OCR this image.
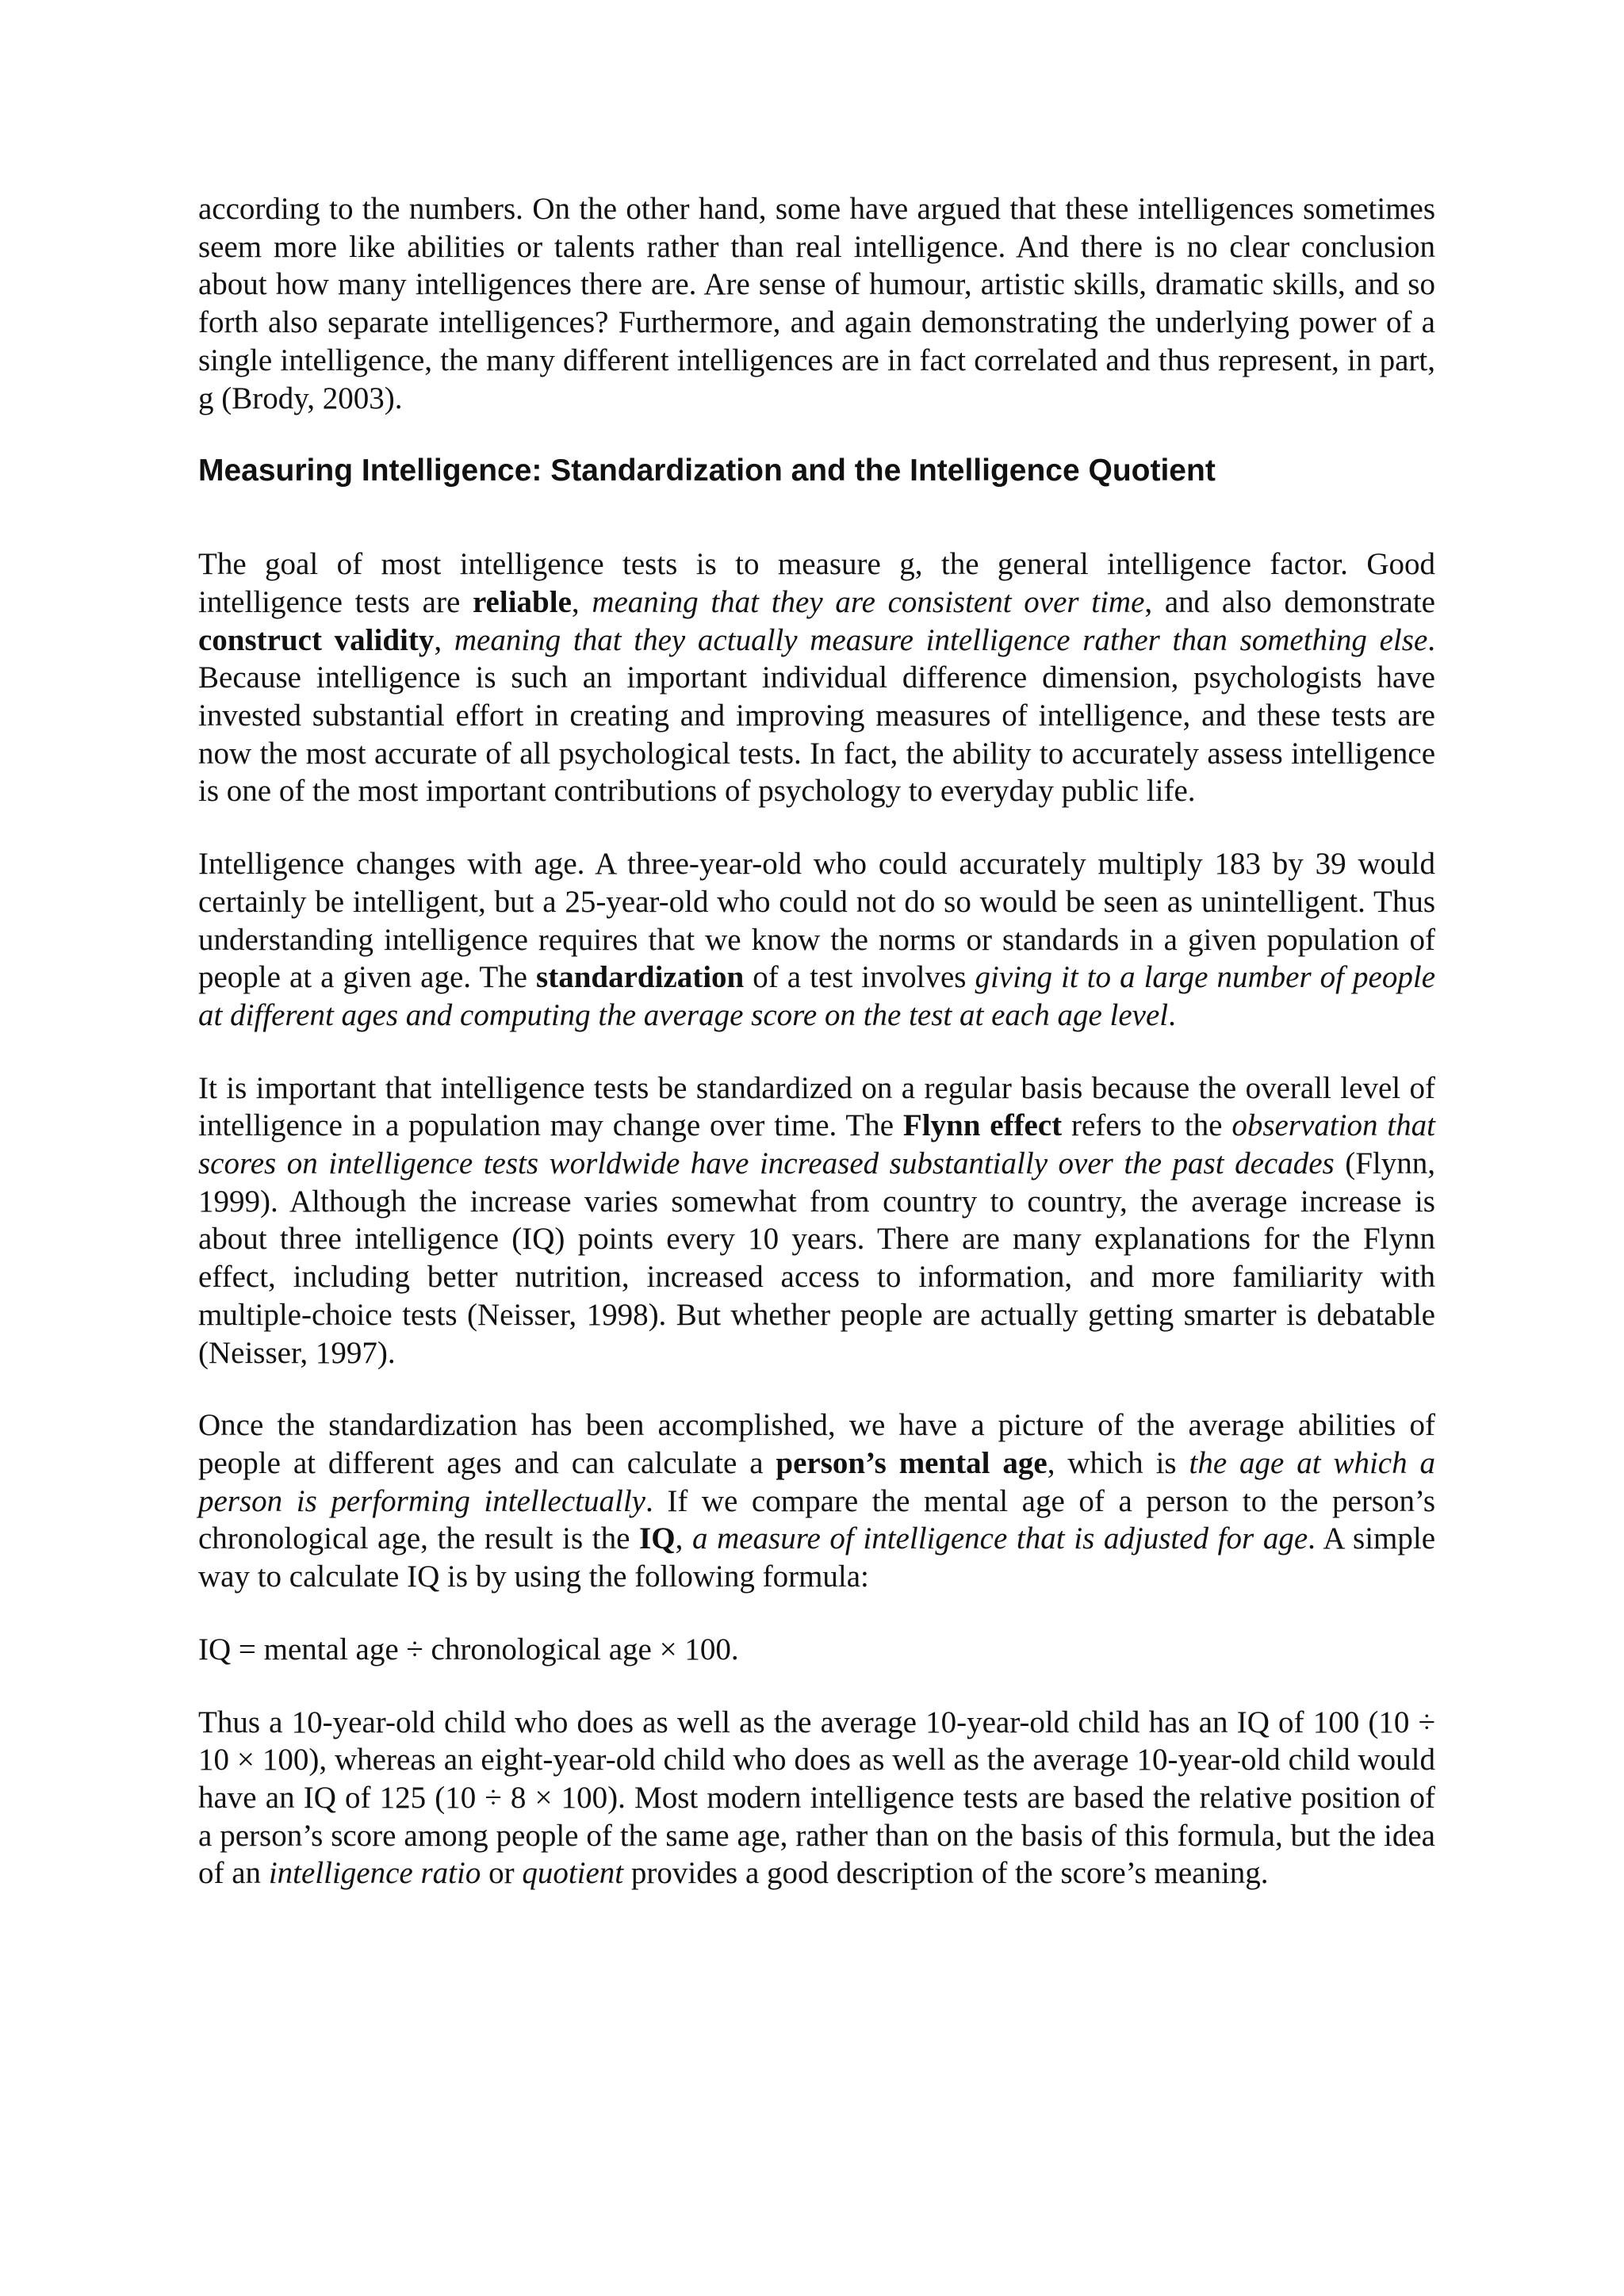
according to the numbers. On the other hand, some have argued that these intelligences sometimes seem more like abilities or talents rather than real intelligence. And there is no clear conclusion about how many intelligences there are. Are sense of humour, artistic skills, dramatic skills, and so forth also separate intelligences? Furthermore, and again demonstrating the underlying power of a single intelligence, the many different intelligences are in fact correlated and thus represent, in part, g (Brody, 2003).

Measuring Intelligence: Standardization and the Intelligence Quotient

The goal of most intelligence tests is to measure g, the general intelligence factor. Good intelligence tests are reliable, meaning that they are consistent over time, and also demonstrate construct validity, meaning that they actually measure intelligence rather than something else. Because intelligence is such an important individual difference dimension, psychologists have invested substantial effort in creating and improving measures of intelligence, and these tests are now the most accurate of all psychological tests. In fact, the ability to accurately assess intelligence is one of the most important contributions of psychology to everyday public life.

Intelligence changes with age. A three-year-old who could accurately multiply 183 by 39 would certainly be intelligent, but a 25-year-old who could not do so would be seen as unintelligent. Thus understanding intelligence requires that we know the norms or standards in a given population of people at a given age. The standardization of a test involves giving it to a large number of people at different ages and computing the average score on the test at each age level.

It is important that intelligence tests be standardized on a regular basis because the overall level of intelligence in a population may change over time. The Flynn effect refers to the observation that scores on intelligence tests worldwide have increased substantially over the past decades (Flynn, 1999). Although the increase varies somewhat from country to country, the average increase is about three intelligence (IQ) points every 10 years. There are many explanations for the Flynn effect, including better nutrition, increased access to information, and more familiarity with multiple-choice tests (Neisser, 1998). But whether people are actually getting smarter is debatable (Neisser, 1997).

Once the standardization has been accomplished, we have a picture of the average abilities of people at different ages and can calculate a person’s mental age, which is the age at which a person is performing intellectually. If we compare the mental age of a person to the person’s chronological age, the result is the IQ, a measure of intelligence that is adjusted for age. A simple way to calculate IQ is by using the following formula:

IQ = mental age ÷ chronological age × 100.

Thus a 10-year-old child who does as well as the average 10-year-old child has an IQ of 100 (10 ÷ 10 × 100), whereas an eight-year-old child who does as well as the average 10-year-old child would have an IQ of 125 (10 ÷ 8 × 100). Most modern intelligence tests are based the relative position of a person’s score among people of the same age, rather than on the basis of this formula, but the idea of an intelligence ratio or quotient provides a good description of the score’s meaning.
